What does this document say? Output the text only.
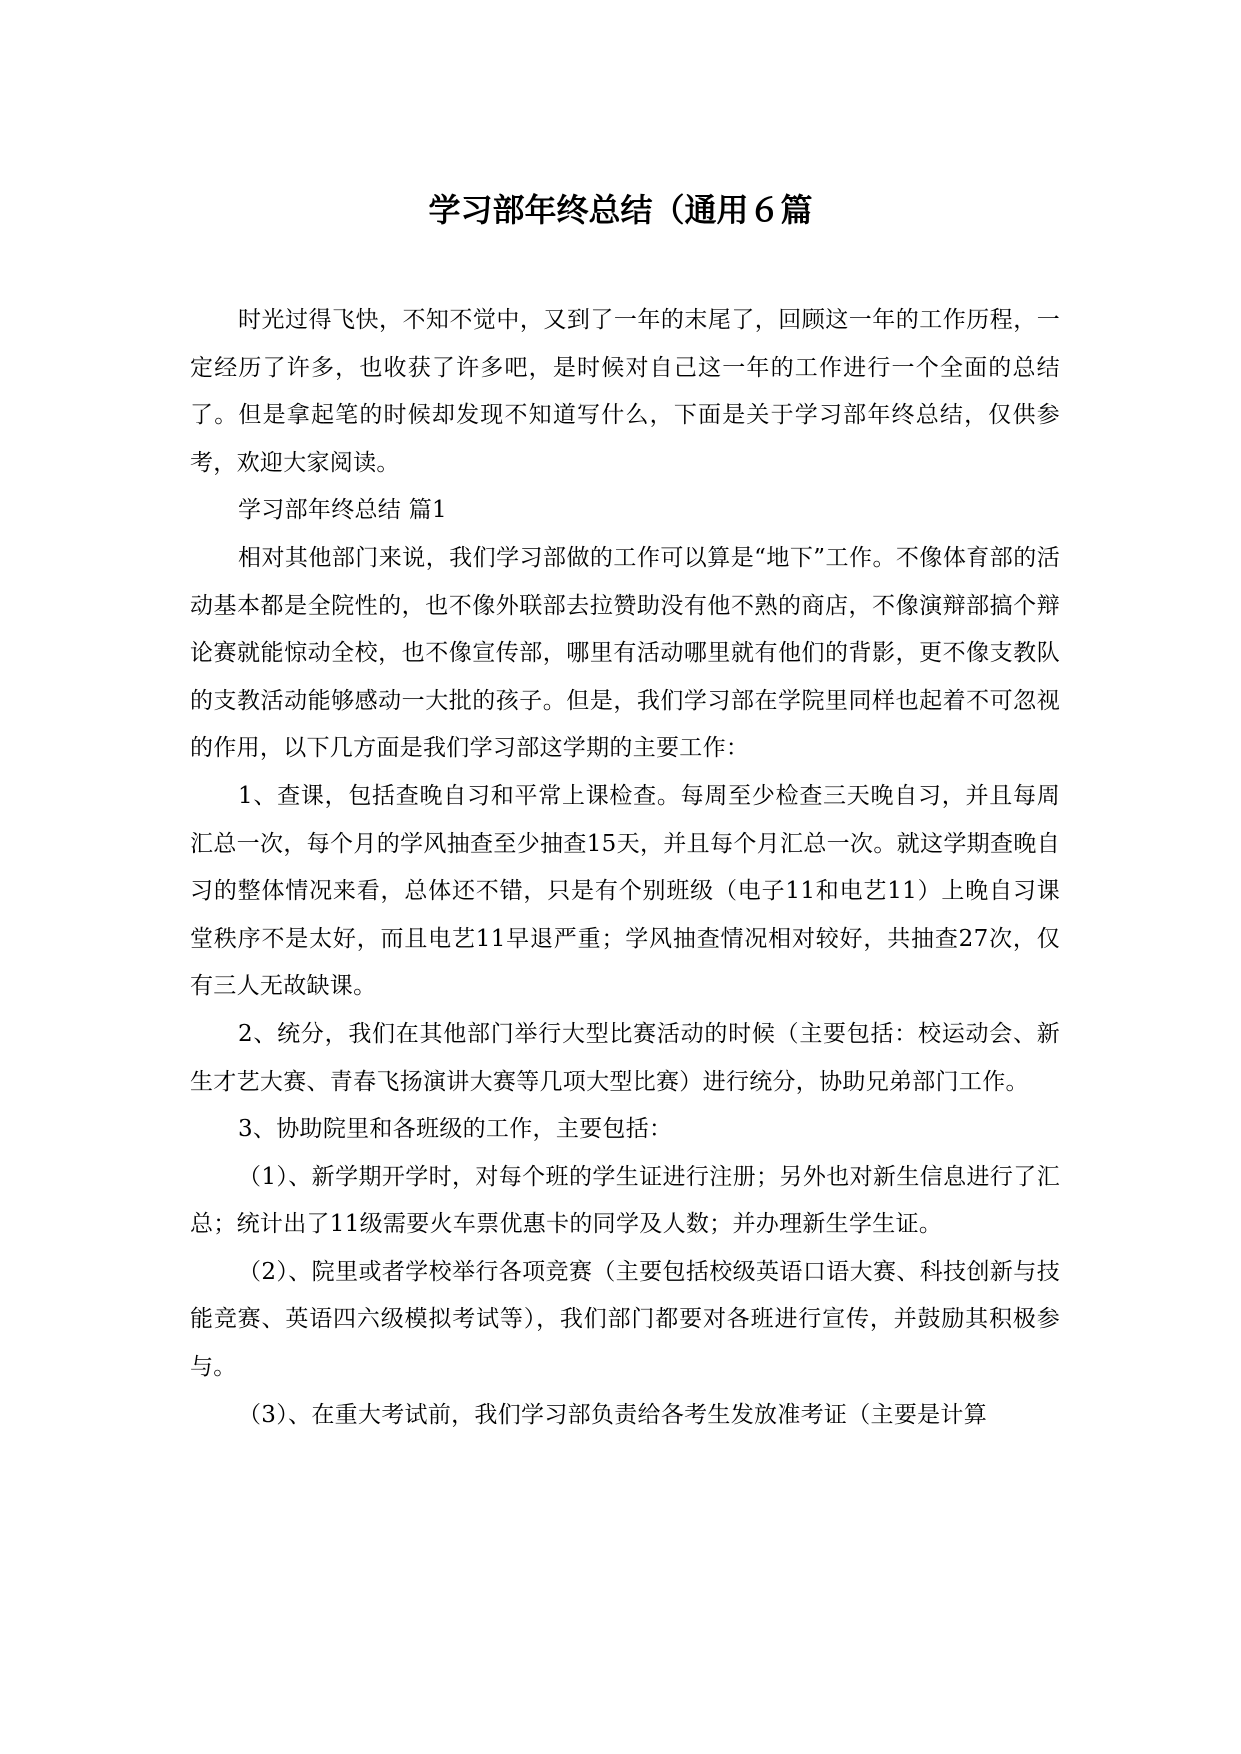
学习部年终总结（通用６篇

时光过得飞快，不知不觉中，又到了一年的末尾了，回顾这一年的工作历程，一定经历了许多，也收获了许多吧，是时候对自己这一年的工作进行一个全面的总结了。但是拿起笔的时候却发现不知道写什么，下面是关于学习部年终总结，仅供参考，欢迎大家阅读。

学习部年终总结 篇1

相对其他部门来说，我们学习部做的工作可以算是“地下”工作。不像体育部的活动基本都是全院性的，也不像外联部去拉赞助没有他不熟的商店，不像演辩部搞个辩论赛就能惊动全校，也不像宣传部，哪里有活动哪里就有他们的背影，更不像支教队的支教活动能够感动一大批的孩子。但是，我们学习部在学院里同样也起着不可忽视的作用，以下几方面是我们学习部这学期的主要工作：

1、查课，包括查晚自习和平常上课检查。每周至少检查三天晚自习，并且每周汇总一次，每个月的学风抽查至少抽查15天，并且每个月汇总一次。就这学期查晚自习的整体情况来看，总体还不错，只是有个别班级（电子11和电艺11）上晚自习课堂秩序不是太好，而且电艺11早退严重；学风抽查情况相对较好，共抽查27次，仅有三人无故缺课。

2、统分，我们在其他部门举行大型比赛活动的时候（主要包括：校运动会、新生才艺大赛、青春飞扬演讲大赛等几项大型比赛）进行统分，协助兄弟部门工作。

3、协助院里和各班级的工作，主要包括：

（1）、新学期开学时，对每个班的学生证进行注册；另外也对新生信息进行了汇总；统计出了11级需要火车票优惠卡的同学及人数；并办理新生学生证。

（2）、院里或者学校举行各项竞赛（主要包括校级英语口语大赛、科技创新与技能竞赛、英语四六级模拟考试等），我们部门都要对各班进行宣传，并鼓励其积极参与。

（3）、在重大考试前，我们学习部负责给各考生发放准考证（主要是计算
